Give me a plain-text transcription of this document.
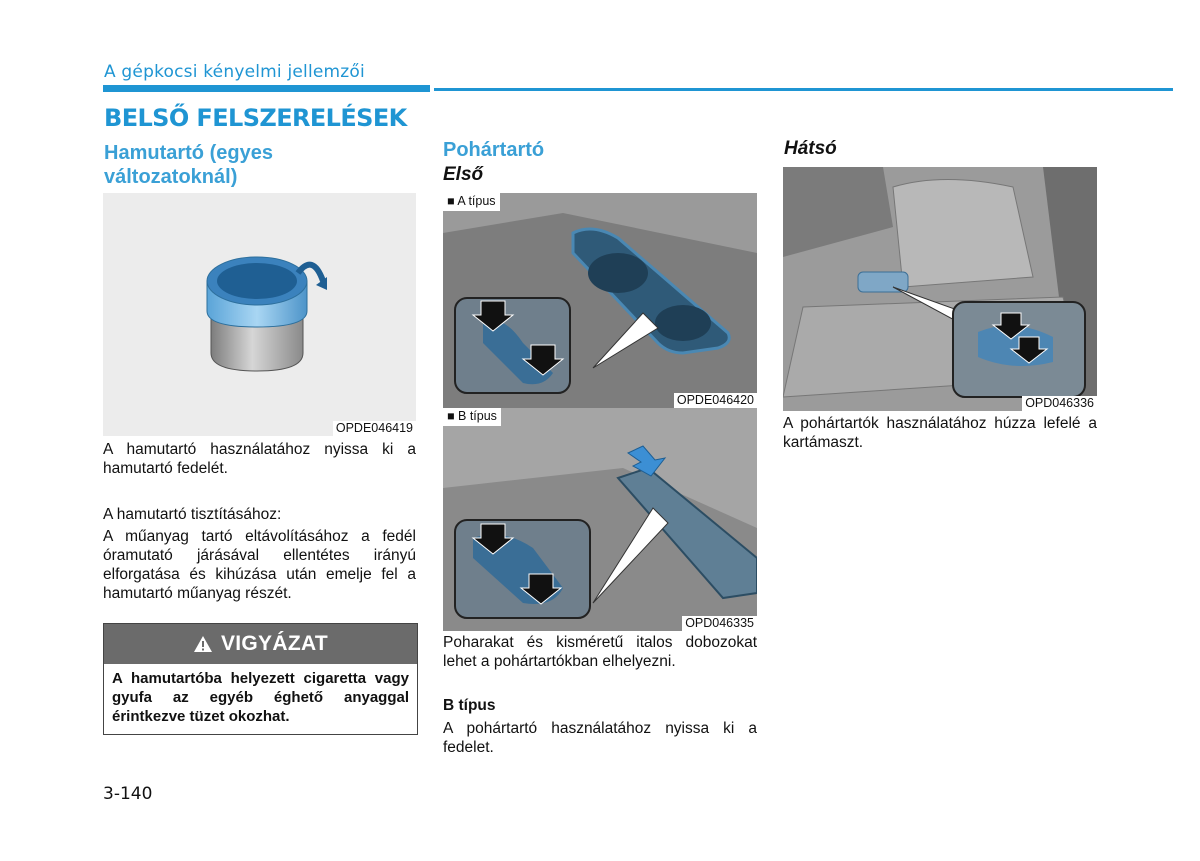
A gépkocsi kényelmi jellemzői
BELSŐ FELSZERELÉSEK
Hamutartó (egyes
változatoknál)
OPDE046419
A hamutartó használatához nyissa ki a hamutartó fedelét.
A hamutartó tisztításához:
A műanyag tartó eltávolításához a fedél óramutató járásával ellentétes irányú elforgatása és kihúzása után emelje fel a hamutartó műanyag részét.
VIGYÁZAT
A hamutartóba helyezett cigaretta vagy gyufa az egyéb éghető anyaggal érintkezve tüzet okozhat.
Pohártartó
Első
■ A típus
OPDE046420
■ B típus
OPD046335
Poharakat és kisméretű italos dobozokat lehet a pohártartókban elhelyezni.
B típus
A pohártartó használatához nyissa ki a fedelet.
Hátsó
OPD046336
A pohártartók használatához húzza lefelé a kartámaszt.
3-140
